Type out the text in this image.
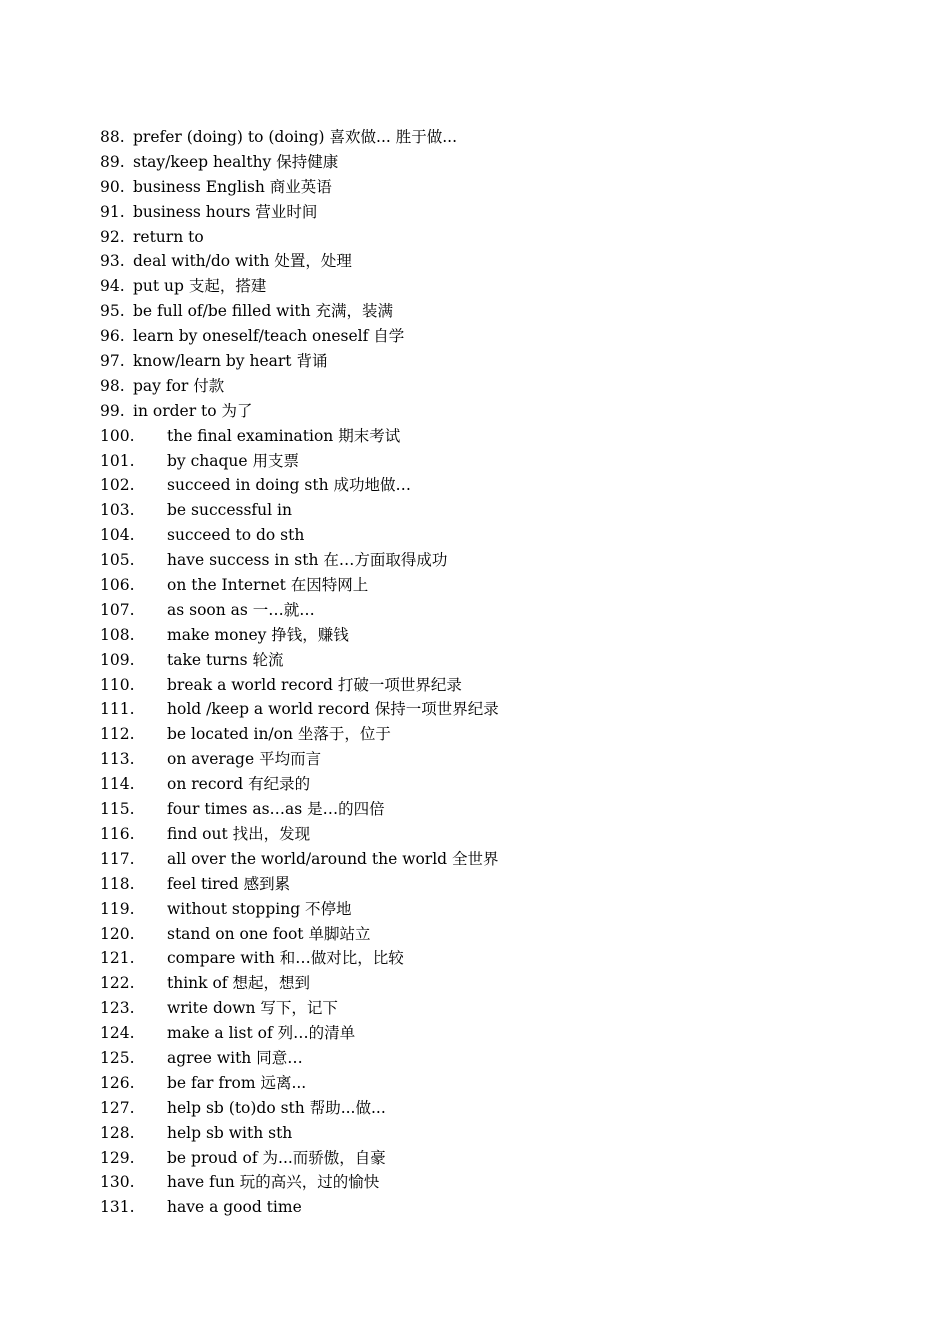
88. prefer (doing) to (doing) 喜欢做... 胜于做...
89. stay/keep healthy 保持健康
90. business English 商业英语
91. business hours 营业时间
92. return to
93. deal with/do with 处置，处理
94. put up 支起，搭建
95. be full of/be filled with 充满，装满
96. learn by oneself/teach oneself 自学
97. know/learn by heart 背诵
98. pay for 付款
99. in order to 为了
100. the final examination 期末考试
101. by chaque 用支票
102. succeed in doing sth 成功地做…
103. be successful in
104. succeed to do sth
105. have success in sth 在…方面取得成功
106. on the Internet 在因特网上
107. as soon as 一…就…
108. make money 挣钱，赚钱
109. take turns 轮流
110. break a world record 打破一项世界纪录
111. hold /keep a world record 保持一项世界纪录
112. be located in/on 坐落于，位于
113. on average 平均而言
114. on record 有纪录的
115. four times as…as 是…的四倍
116. find out 找出，发现
117. all over the world/around the world 全世界
118. feel tired 感到累
119. without stopping 不停地
120. stand on one foot 单脚站立
121. compare with 和…做对比，比较
122. think of 想起，想到
123. write down 写下，记下
124. make a list of 列…的清单
125. agree with 同意…
126. be far from 远离...
127. help sb (to)do sth 帮助...做...
128. help sb with sth
129. be proud of 为...而骄傲，自豪
130. have fun 玩的高兴，过的愉快
131. have a good time
